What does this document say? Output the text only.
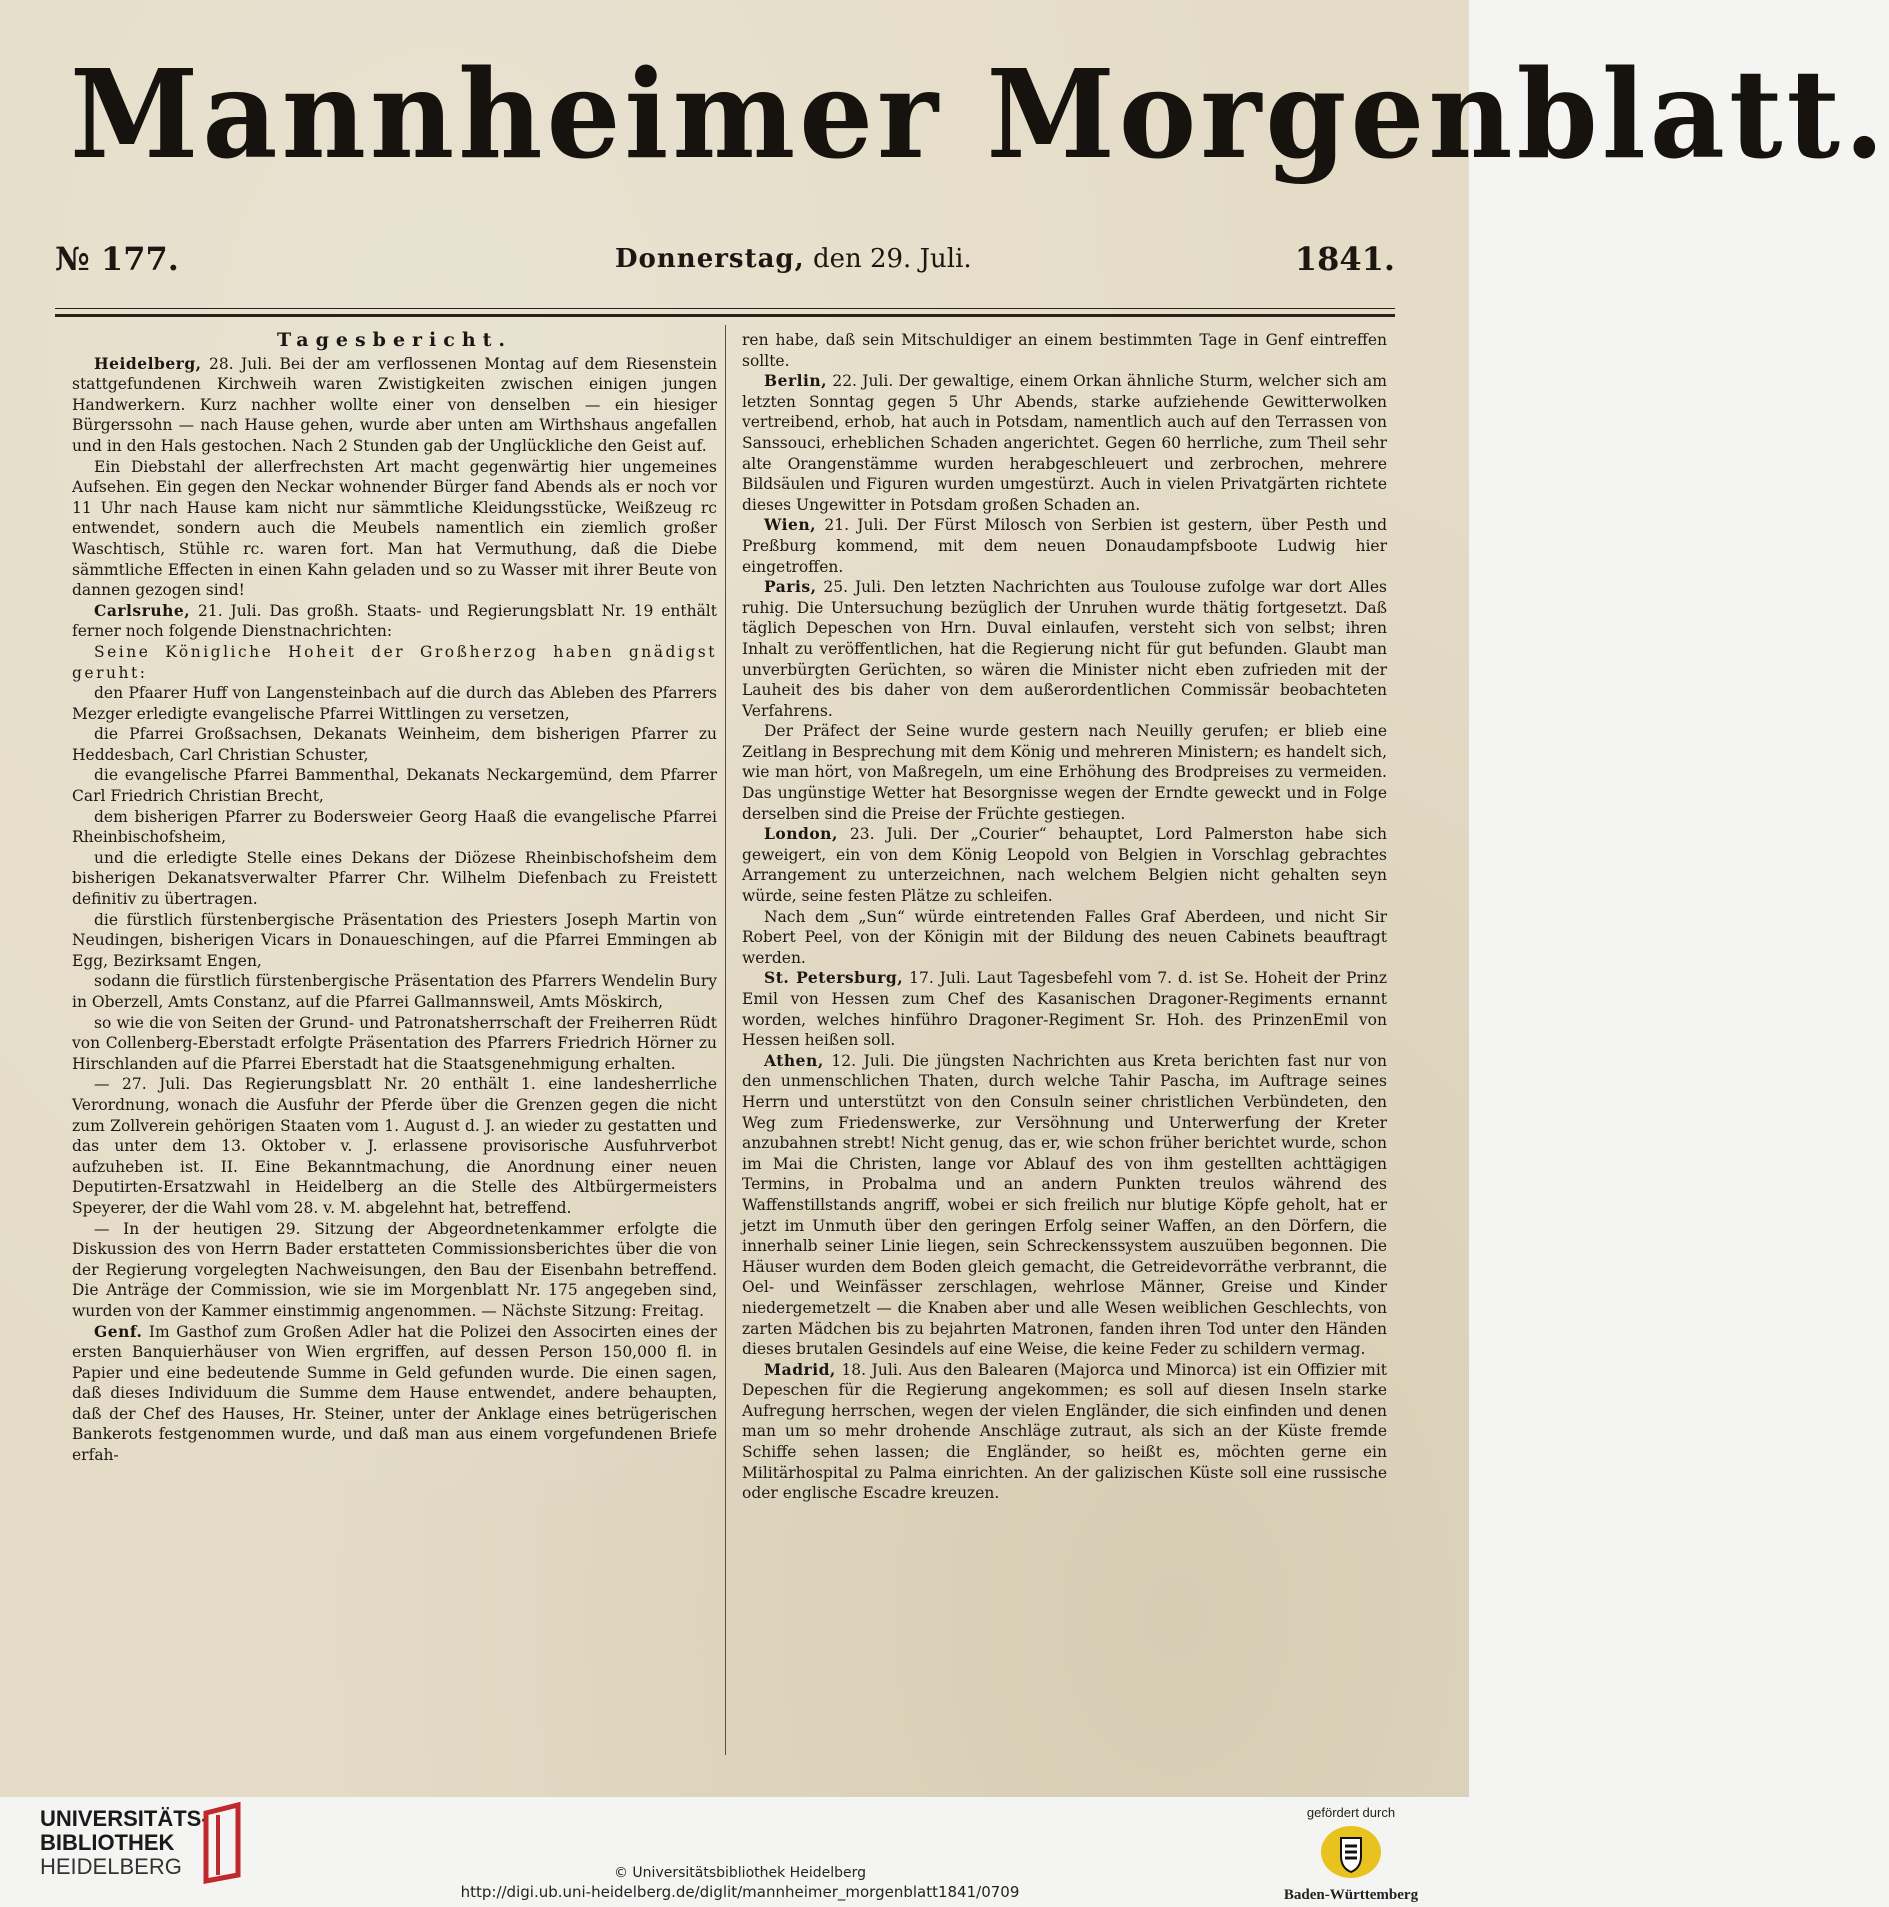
Mannheimer Morgenblatt.
№ 177.	Donnerstag, den 29. Juli.	1841.
Tagesbericht.

Heidelberg, 28. Juli. Bei der am verflossenen Montag auf dem Riesenstein stattgefundenen Kirchweih waren Zwistigkeiten zwischen einigen jungen Handwerkern. Kurz nachher wollte einer von denselben — ein hiesiger Bürgerssohn — nach Hause gehen, wurde aber unten am Wirthshaus angefallen und in den Hals gestochen. Nach 2 Stunden gab der Unglückliche den Geist auf.

Ein Diebstahl der allerfrechsten Art macht gegenwärtig hier ungemeines Aufsehen. Ein gegen den Neckar wohnender Bürger fand Abends als er noch vor 11 Uhr nach Hause kam nicht nur sämmtliche Kleidungsstücke, Weißzeug rc entwendet, sondern auch die Meubels namentlich ein ziemlich großer Waschtisch, Stühle rc. waren fort. Man hat Vermuthung, daß die Diebe sämmtliche Effecten in einen Kahn geladen und so zu Wasser mit ihrer Beute von dannen gezogen sind!

Carlsruhe, 21. Juli. Das großh. Staats- und Regierungsblatt Nr. 19 enthält ferner noch folgende Dienstnachrichten:

Seine Königliche Hoheit der Großherzog haben gnädigst geruht:

den Pfaarer Huff von Langensteinbach auf die durch das Ableben des Pfarrers Mezger erledigte evangelische Pfarrei Wittlingen zu versetzen,

die Pfarrei Großsachsen, Dekanats Weinheim, dem bisherigen Pfarrer zu Heddesbach, Carl Christian Schuster,

die evangelische Pfarrei Bammenthal, Dekanats Neckargemünd, dem Pfarrer Carl Friedrich Christian Brecht,

dem bisherigen Pfarrer zu Bodersweier Georg Haaß die evangelische Pfarrei Rheinbischofsheim,

und die erledigte Stelle eines Dekans der Diözese Rheinbischofsheim dem bisherigen Dekanatsverwalter Pfarrer Chr. Wilhelm Diefenbach zu Freistett definitiv zu übertragen.

die fürstlich fürstenbergische Präsentation des Priesters Joseph Martin von Neudingen, bisherigen Vicars in Donaueschingen, auf die Pfarrei Emmingen ab Egg, Bezirksamt Engen,

sodann die fürstlich fürstenbergische Präsentation des Pfarrers Wendelin Bury in Oberzell, Amts Constanz, auf die Pfarrei Gallmannsweil, Amts Möskirch,

so wie die von Seiten der Grund- und Patronatsherrschaft der Freiherren Rüdt von Collenberg-Eberstadt erfolgte Präsentation des Pfarrers Friedrich Hörner zu Hirschlanden auf die Pfarrei Eberstadt hat die Staatsgenehmigung erhalten.

— 27. Juli. Das Regierungsblatt Nr. 20 enthält 1. eine landesherrliche Verordnung, wonach die Ausfuhr der Pferde über die Grenzen gegen die nicht zum Zollverein gehörigen Staaten vom 1. August d. J. an wieder zu gestatten und das unter dem 13. Oktober v. J. erlassene provisorische Ausfuhrverbot aufzuheben ist. II. Eine Bekanntmachung, die Anordnung einer neuen Deputirten-Ersatzwahl in Heidelberg an die Stelle des Altbürgermeisters Speyerer, der die Wahl vom 28. v. M. abgelehnt hat, betreffend.

— In der heutigen 29. Sitzung der Abgeordnetenkammer erfolgte die Diskussion des von Herrn Bader erstatteten Commissionsberichtes über die von der Regierung vorgelegten Nachweisungen, den Bau der Eisenbahn betreffend. Die Anträge der Commission, wie sie im Morgenblatt Nr. 175 angegeben sind, wurden von der Kammer einstimmig angenommen. — Nächste Sitzung: Freitag.

Genf. Im Gasthof zum Großen Adler hat die Polizei den Associrten eines der ersten Banquierhäuser von Wien ergriffen, auf dessen Person 150,000 fl. in Papier und eine bedeutende Summe in Geld gefunden wurde. Die einen sagen, daß dieses Individuum die Summe dem Hause entwendet, andere behaupten, daß der Chef des Hauses, Hr. Steiner, unter der Anklage eines betrügerischen Bankerots festgenommen wurde, und daß man aus einem vorgefundenen Briefe erfah-

ren habe, daß sein Mitschuldiger an einem bestimmten Tage in Genf eintreffen sollte.

Berlin, 22. Juli. Der gewaltige, einem Orkan ähnliche Sturm, welcher sich am letzten Sonntag gegen 5 Uhr Abends, starke aufziehende Gewitterwolken vertreibend, erhob, hat auch in Potsdam, namentlich auch auf den Terrassen von Sanssouci, erheblichen Schaden angerichtet. Gegen 60 herrliche, zum Theil sehr alte Orangenstämme wurden herabgeschleuert und zerbrochen, mehrere Bildsäulen und Figuren wurden umgestürzt. Auch in vielen Privatgärten richtete dieses Ungewitter in Potsdam großen Schaden an.

Wien, 21. Juli. Der Fürst Milosch von Serbien ist gestern, über Pesth und Preßburg kommend, mit dem neuen Donaudampfsboote Ludwig hier eingetroffen.

Paris, 25. Juli. Den letzten Nachrichten aus Toulouse zufolge war dort Alles ruhig. Die Untersuchung bezüglich der Unruhen wurde thätig fortgesetzt. Daß täglich Depeschen von Hrn. Duval einlaufen, versteht sich von selbst; ihren Inhalt zu veröffentlichen, hat die Regierung nicht für gut befunden. Glaubt man unverbürgten Gerüchten, so wären die Minister nicht eben zufrieden mit der Lauheit des bis daher von dem außerordentlichen Commissär beobachteten Verfahrens.

Der Präfect der Seine wurde gestern nach Neuilly gerufen; er blieb eine Zeitlang in Besprechung mit dem König und mehreren Ministern; es handelt sich, wie man hört, von Maßregeln, um eine Erhöhung des Brodpreises zu vermeiden. Das ungünstige Wetter hat Besorgnisse wegen der Erndte geweckt und in Folge derselben sind die Preise der Früchte gestiegen.

London, 23. Juli. Der „Courier“ behauptet, Lord Palmerston habe sich geweigert, ein von dem König Leopold von Belgien in Vorschlag gebrachtes Arrangement zu unterzeichnen, nach welchem Belgien nicht gehalten seyn würde, seine festen Plätze zu schleifen.

Nach dem „Sun“ würde eintretenden Falles Graf Aberdeen, und nicht Sir Robert Peel, von der Königin mit der Bildung des neuen Cabinets beauftragt werden.

St. Petersburg, 17. Juli. Laut Tagesbefehl vom 7. d. ist Se. Hoheit der Prinz Emil von Hessen zum Chef des Kasanischen Dragoner-Regiments ernannt worden, welches hinführo Dragoner-Regiment Sr. Hoh. des PrinzenEmil von Hessen heißen soll.

Athen, 12. Juli. Die jüngsten Nachrichten aus Kreta berichten fast nur von den unmenschlichen Thaten, durch welche Tahir Pascha, im Auftrage seines Herrn und unterstützt von den Consuln seiner christlichen Verbündeten, den Weg zum Friedenswerke, zur Versöhnung und Unterwerfung der Kreter anzubahnen strebt! Nicht genug, das er, wie schon früher berichtet wurde, schon im Mai die Christen, lange vor Ablauf des von ihm gestellten achttägigen Termins, in Probalma und an andern Punkten treulos während des Waffenstillstands angriff, wobei er sich freilich nur blutige Köpfe geholt, hat er jetzt im Unmuth über den geringen Erfolg seiner Waffen, an den Dörfern, die innerhalb seiner Linie liegen, sein Schreckenssystem auszuüben begonnen. Die Häuser wurden dem Boden gleich gemacht, die Getreidevorräthe verbrannt, die Oel- und Weinfässer zerschlagen, wehrlose Männer, Greise und Kinder niedergemetzelt — die Knaben aber und alle Wesen weiblichen Geschlechts, von zarten Mädchen bis zu bejahrten Matronen, fanden ihren Tod unter den Händen dieses brutalen Gesindels auf eine Weise, die keine Feder zu schildern vermag.

Madrid, 18. Juli. Aus den Balearen (Majorca und Minorca) ist ein Offizier mit Depeschen für die Regierung angekommen; es soll auf diesen Inseln starke Aufregung herrschen, wegen der vielen Engländer, die sich einfinden und denen man um so mehr drohende Anschläge zutraut, als sich an der Küste fremde Schiffe sehen lassen; die Engländer, so heißt es, möchten gerne ein Militärhospital zu Palma einrichten. An der galizischen Küste soll eine russische oder englische Escadre kreuzen.

UNIVERSITÄTS-
BIBLIOTHEK
HEIDELBERG	© Universitätsbibliothek Heidelberg
http://digi.ub.uni-heidelberg.de/diglit/mannheimer_morgenblatt1841/0709
gefördert durch
Baden-Württemberg
